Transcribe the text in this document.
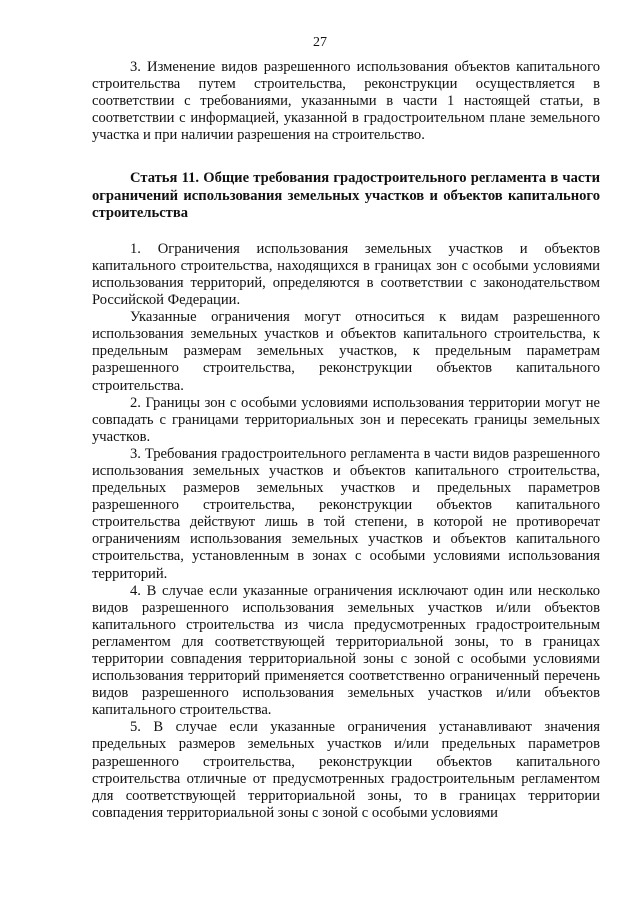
27

3. Изменение видов разрешенного использования объектов капитального строительства путем строительства, реконструкции осуществляется в соответствии с требованиями, указанными в части 1 настоящей статьи, в соответствии с информацией, указанной в градостроительном плане земельного участка и при наличии разрешения на строительство.

Статья 11. Общие требования градостроительного регламента в части ограничений использования земельных участков и объектов капитального строительства

1. Ограничения использования земельных участков и объектов капитального строительства, находящихся в границах зон с особыми условиями использования территорий, определяются в соответствии с законодательством Российской Федерации.

Указанные ограничения могут относиться к видам разрешенного использования земельных участков и объектов капитального строительства, к предельным размерам земельных участков, к предельным параметрам разрешенного строительства, реконструкции объектов капитального строительства.

2. Границы зон с особыми условиями использования территории могут не совпадать с границами территориальных зон и пересекать границы земельных участков.

3. Требования градостроительного регламента в части видов разрешенного использования земельных участков и объектов капитального строительства, предельных размеров земельных участков и предельных параметров разрешенного строительства, реконструкции объектов капитального строительства действуют лишь в той степени, в которой не противоречат ограничениям использования земельных участков и объектов капитального строительства, установленным в зонах с особыми условиями использования территорий.

4. В случае если указанные ограничения исключают один или несколько видов разрешенного использования земельных участков и/или объектов капитального строительства из числа предусмотренных градостроительным регламентом для соответствующей территориальной зоны, то в границах территории совпадения территориальной зоны с зоной с особыми условиями использования территорий применяется соответственно ограниченный перечень видов разрешенного использования земельных участков и/или объектов капитального строительства.

5. В случае если указанные ограничения устанавливают значения предельных размеров земельных участков и/или предельных параметров разрешенного строительства, реконструкции объектов капитального строительства отличные от предусмотренных градостроительным регламентом для соответствующей территориальной зоны, то в границах территории совпадения территориальной зоны с зоной с особыми условиями
